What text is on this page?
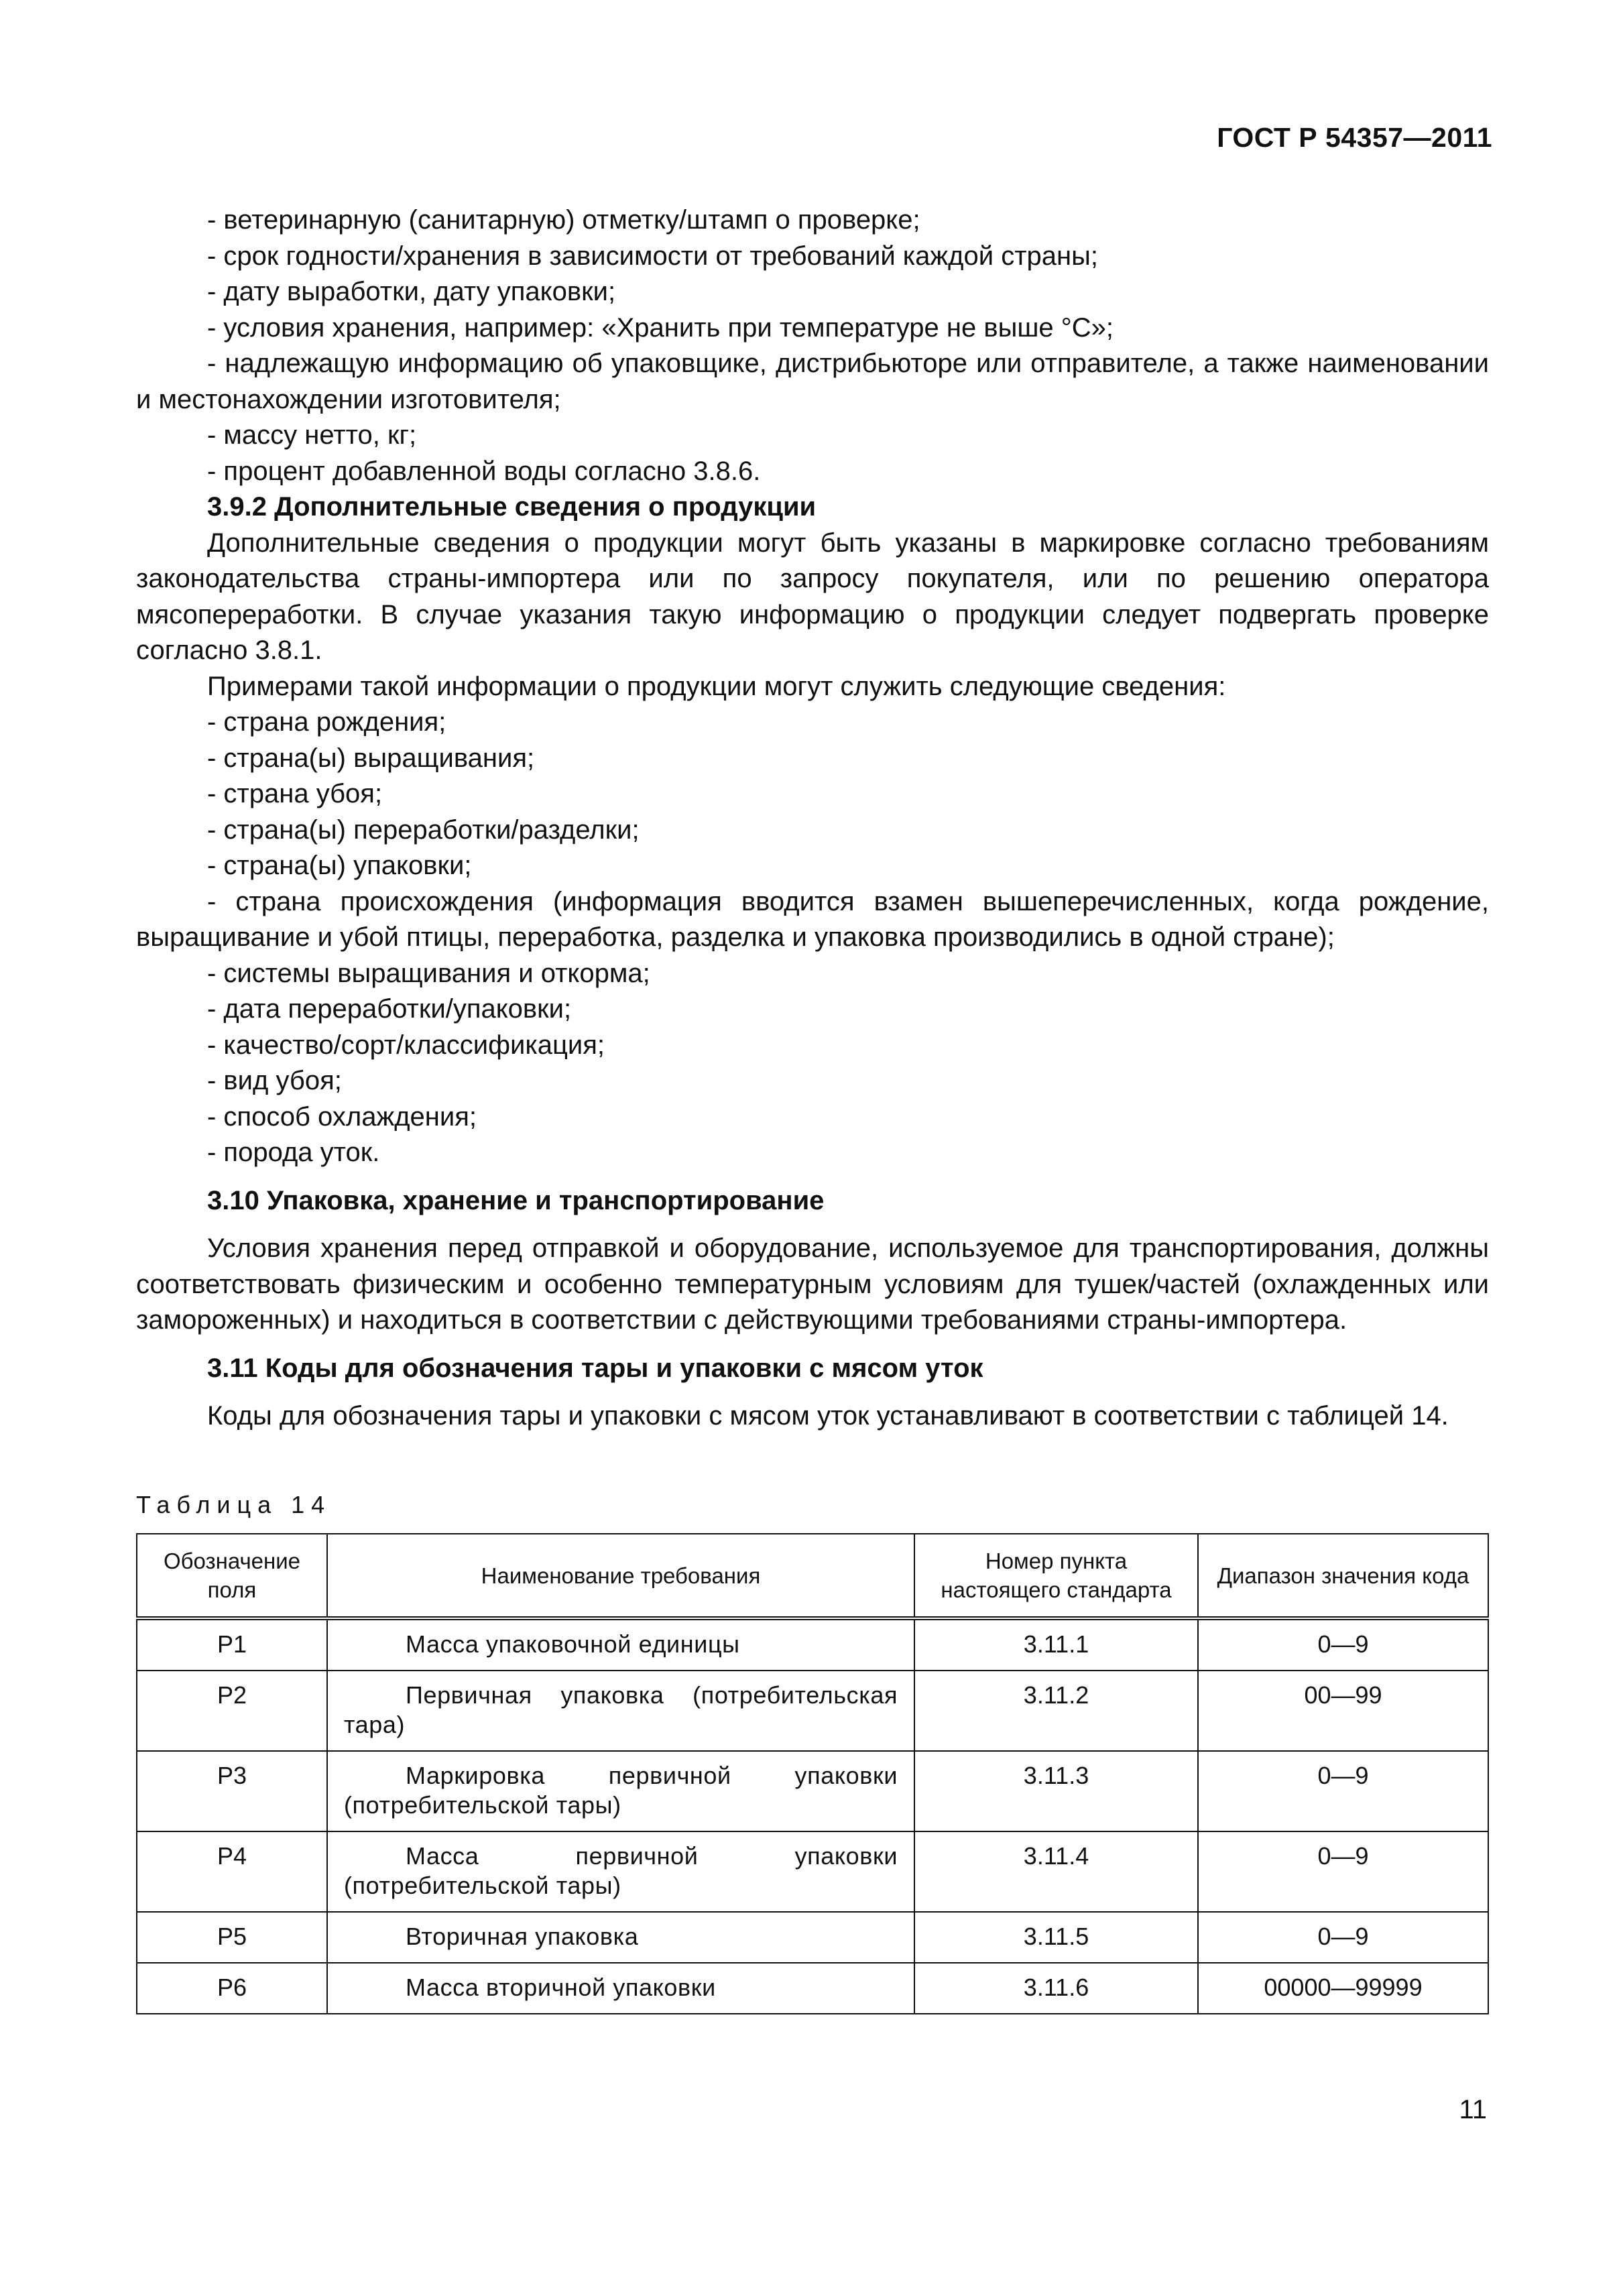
ГОСТ Р 54357—2011

- ветеринарную (санитарную) отметку/штамп о проверке;

- срок годности/хранения в зависимости от требований каждой страны;

- дату выработки, дату упаковки;

- условия хранения, например: «Хранить при температуре не выше °С»;

- надлежащую информацию об упаковщике, дистрибьюторе или отправителе, а также наименовании и местонахождении изготовителя;

- массу нетто, кг;

- процент добавленной воды согласно 3.8.6.

3.9.2 Дополнительные сведения о продукции

Дополнительные сведения о продукции могут быть указаны в маркировке согласно требованиям законодательства страны-импортера или по запросу покупателя, или по решению оператора мясопереработки. В случае указания такую информацию о продукции следует подвергать проверке согласно 3.8.1.

Примерами такой информации о продукции могут служить следующие сведения:

- страна рождения;

- страна(ы) выращивания;

- страна убоя;

- страна(ы) переработки/разделки;

- страна(ы) упаковки;

- страна происхождения (информация вводится взамен вышеперечисленных, когда рождение, выращивание и убой птицы, переработка, разделка и упаковка производились в одной стране);

- системы выращивания и откорма;

- дата переработки/упаковки;

- качество/сорт/классификация;

- вид убоя;

- способ охлаждения;

- порода уток.

3.10 Упаковка, хранение и транспортирование

Условия хранения перед отправкой и оборудование, используемое для транспортирования, должны соответствовать физическим и особенно температурным условиям для тушек/частей (охлажденных или замороженных) и находиться в соответствии с действующими требованиями страны-импортера.

3.11 Коды для обозначения тары и упаковки с мясом уток

Коды для обозначения тары и упаковки с мясом уток устанавливают в соответствии с таблицей 14.

Таблица 14

Обозначение поля	Наименование требования	Номер пункта настоящего стандарта	Диапазон значения кода
P1	Масса упаковочной единицы	3.11.1	0—9
P2	Первичная упаковка (потребительская тара)	3.11.2	00—99
P3	Маркировка первичной упаковки (потребительской тары)	3.11.3	0—9
P4	Масса первичной упаковки (потребительской тары)	3.11.4	0—9
P5	Вторичная упаковка	3.11.5	0—9
P6	Масса вторичной упаковки	3.11.6	00000—99999
11
